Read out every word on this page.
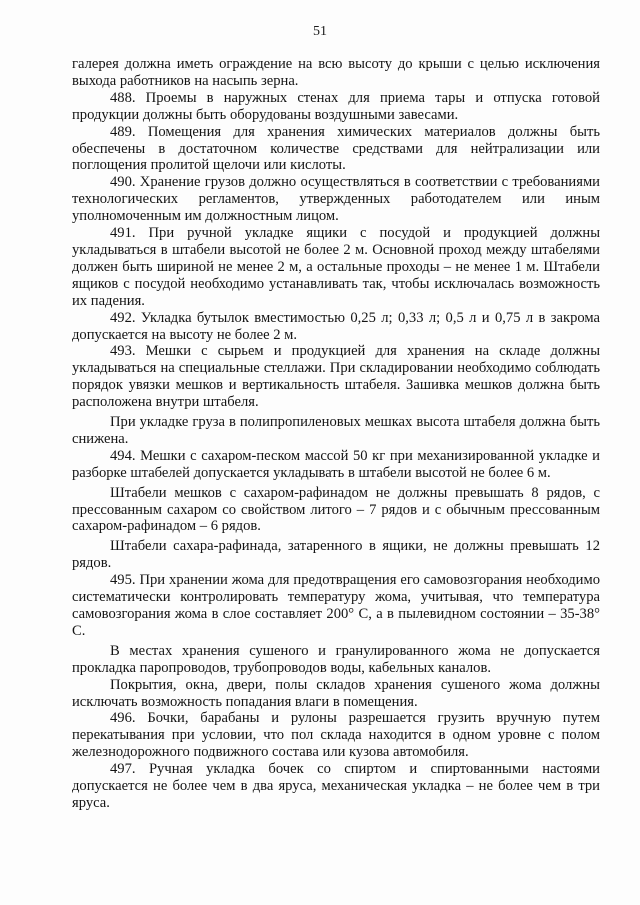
51

галерея должна иметь ограждение на всю высоту до крыши с целью исключения выхода работников на насыпь зерна.

488. Проемы в наружных стенах для приема тары и отпуска готовой продукции должны быть оборудованы воздушными завесами.

489. Помещения для хранения химических материалов должны быть обеспечены в достаточном количестве средствами для нейтрализации или поглощения пролитой щелочи или кислоты.

490. Хранение грузов должно осуществляться в соответствии с требованиями технологических регламентов, утвержденных работодателем или иным уполномоченным им должностным лицом.

491. При ручной укладке ящики с посудой и продукцией должны укладываться в штабели высотой не более 2 м. Основной проход между штабелями должен быть шириной не менее 2 м, а остальные проходы – не менее 1 м. Штабели ящиков с посудой необходимо устанавливать так, чтобы исключалась возможность их падения.

492. Укладка бутылок вместимостью 0,25 л; 0,33 л; 0,5 л и 0,75 л в закрома допускается на высоту не более 2 м.

493. Мешки с сырьем и продукцией для хранения на складе должны укладываться на специальные стеллажи. При складировании необходимо соблюдать порядок увязки мешков и вертикальность штабеля. Зашивка мешков должна быть расположена внутри штабеля.

При укладке груза в полипропиленовых мешках высота штабеля должна быть снижена.

494. Мешки с сахаром-песком массой 50 кг при механизированной укладке и разборке штабелей допускается укладывать в штабели высотой не более 6 м.

Штабели мешков с сахаром-рафинадом не должны превышать 8 рядов, с прессованным сахаром со свойством литого – 7 рядов и с обычным прессованным сахаром-рафинадом – 6 рядов.

Штабели сахара-рафинада, затаренного в ящики, не должны превышать 12 рядов.

495. При хранении жома для предотвращения его самовозгорания необходимо систематически контролировать температуру жома, учитывая, что температура самовозгорания жома в слое составляет 200° С, а в пылевидном состоянии – 35-38° С.

В местах хранения сушеного и гранулированного жома не допускается прокладка паропроводов, трубопроводов воды, кабельных каналов.

Покрытия, окна, двери, полы складов хранения сушеного жома должны исключать возможность попадания влаги в помещения.

496. Бочки, барабаны и рулоны разрешается грузить вручную путем перекатывания при условии, что пол склада находится в одном уровне с полом железнодорожного подвижного состава или кузова автомобиля.

497. Ручная укладка бочек со спиртом и спиртованными настоями допускается не более чем в два яруса, механическая укладка – не более чем в три яруса.
